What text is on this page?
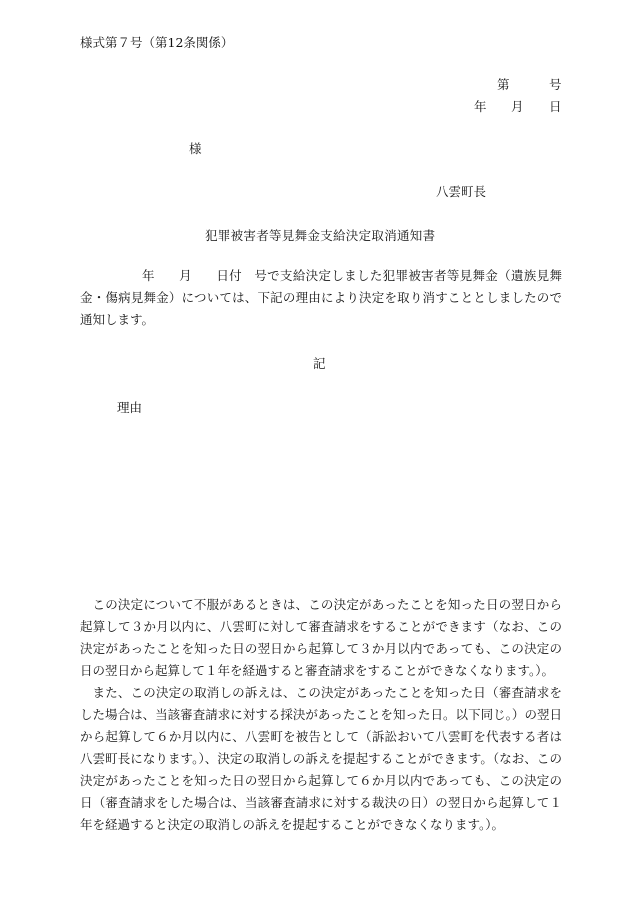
様式第７号（第12条関係）
第	号
年 月 日
様
八雲町長
犯罪被害者等見舞金支給決定取消通知書
年 月 日付 号で支給決定しました犯罪被害者等見舞金（遺族見舞金・傷病見舞金）については、下記の理由により決定を取り消すこととしましたので通知します。
記
理由

この決定について不服があるときは、この決定があったことを知った日の翌日から起算して３か月以内に、八雲町に対して審査請求をすることができます（なお、この決定があったことを知った日の翌日から起算して３か月以内であっても、この決定の日の翌日から起算して１年を経過すると審査請求をすることができなくなります。）。

また、この決定の取消しの訴えは、この決定があったことを知った日（審査請求をした場合は、当該審査請求に対する採決があったことを知った日。以下同じ。）の翌日から起算して６か月以内に、八雲町を被告として（訴訟おいて八雲町を代表する者は八雲町長になります。）、決定の取消しの訴えを提起することができます。（なお、この決定があったことを知った日の翌日から起算して６か月以内であっても、この決定の日（審査請求をした場合は、当該審査請求に対する裁決の日）の翌日から起算して１年を経過すると決定の取消しの訴えを提起することができなくなります。）。
